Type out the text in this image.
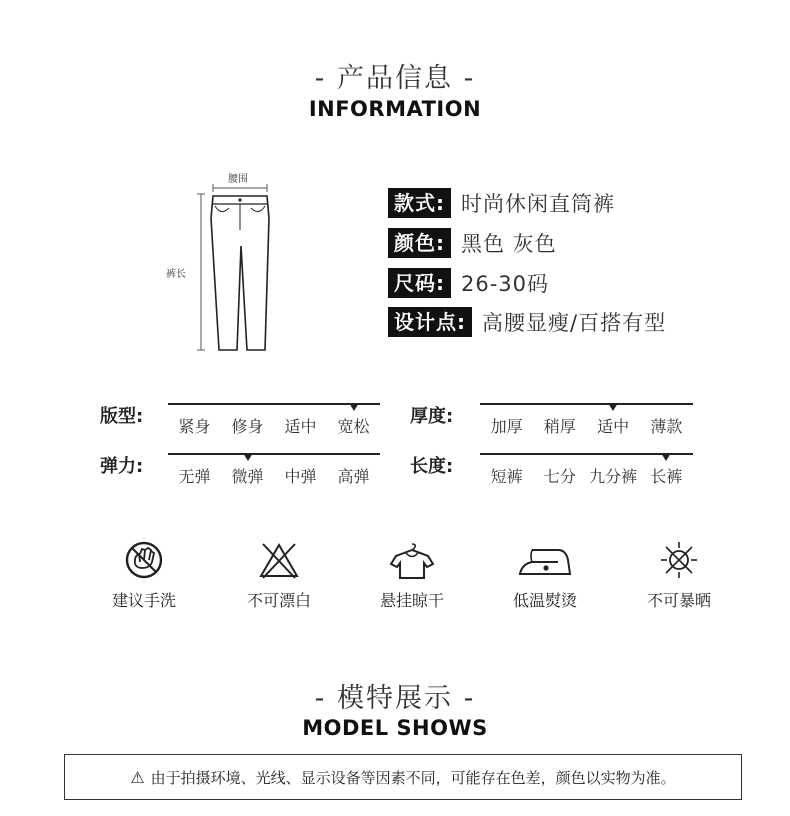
- 产品信息 -
INFORMATION
腰围
裤长
款式: 时尚休闲直筒裤
颜色: 黑色 灰色
尺码: 26-30码
设计点: 高腰显瘦/百搭有型
版型: 紧身 修身 适中 宽松 厚度: 加厚 稍厚 适中 薄款
弹力: 无弹 微弹 中弹 高弹 长度: 短裤 七分 九分裤 长裤
建议手洗	不可漂白	悬挂晾干	低温熨烫	不可暴晒
- 模特展示 -
MODEL SHOWS
⚠ 由于拍摄环境、光线、显示设备等因素不同，可能存在色差，颜色以实物为准。
